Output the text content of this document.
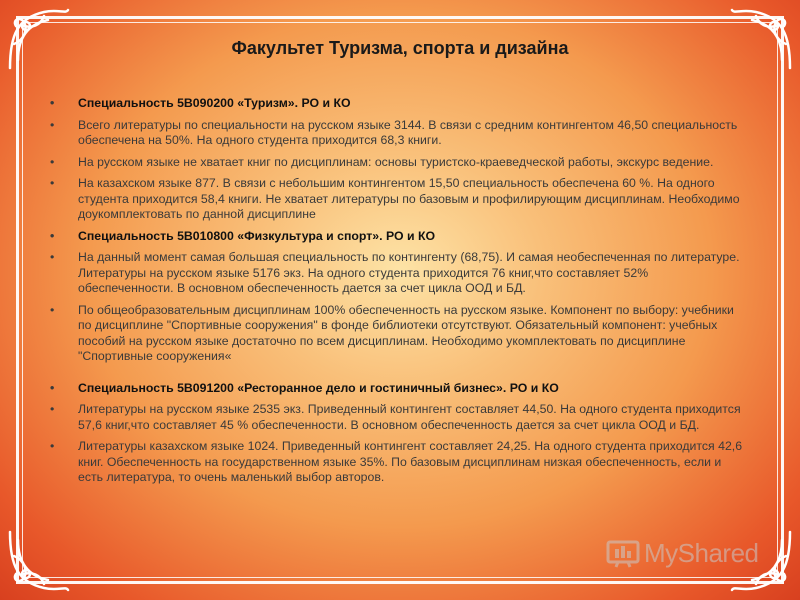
Факультет Туризма, спорта и дизайна
• Специальность 5В090200 «Туризм». РО и КО
• Всего литературы по специальности на русском языке 3144. В связи с средним контингентом 46,50 специальность обеспечена на 50%. На одного студента приходится 68,3 книги.
• На русском языке не хватает книг по дисциплинам: основы туристско-краеведческой работы, экскурс ведение.
• На казахском языке 877. В связи с небольшим контингентом 15,50 специальность обеспечена 60 %. На одного студента приходится 58,4 книги. Не хватает литературы по базовым и профилирующим дисциплинам. Необходимо доукомплектовать по данной дисциплине
• Специальность 5В010800 «Физкультура и спорт». РО и КО
• На данный момент самая большая специальность по контингенту (68,75). И самая необеспеченная по литературе. Литературы на русском языке 5176 экз. На одного студента приходится 76 книг,что составляет 52% обеспеченности. В основном обеспеченность дается за счет цикла ООД и БД.
• По общеобразовательным дисциплинам 100% обеспеченность на русском языке. Компонент по выбору: учебники по дисциплине "Спортивные сооружения" в фонде библиотеки отсутствуют. Обязательный компонент: учебных пособий на русском языке достаточно по всем дисциплинам. Необходимо укомплектовать по дисциплине "Спортивные сооружения«
• Специальность 5В091200 «Ресторанное дело и гостиничный бизнес». РО и КО
• Литературы на русском языке 2535 экз. Приведенный контингент составляет 44,50. На одного студента приходится 57,6 книг,что составляет 45 % обеспеченности. В основном обеспеченность дается за счет цикла ООД и БД.
• Литературы казахском языке 1024. Приведенный контингент составляет 24,25. На одного студента приходится 42,6 книг. Обеспеченность на государственном языке 35%. По базовым дисциплинам низкая обеспеченность, если и есть литература, то очень маленький выбор авторов.
MyShared
